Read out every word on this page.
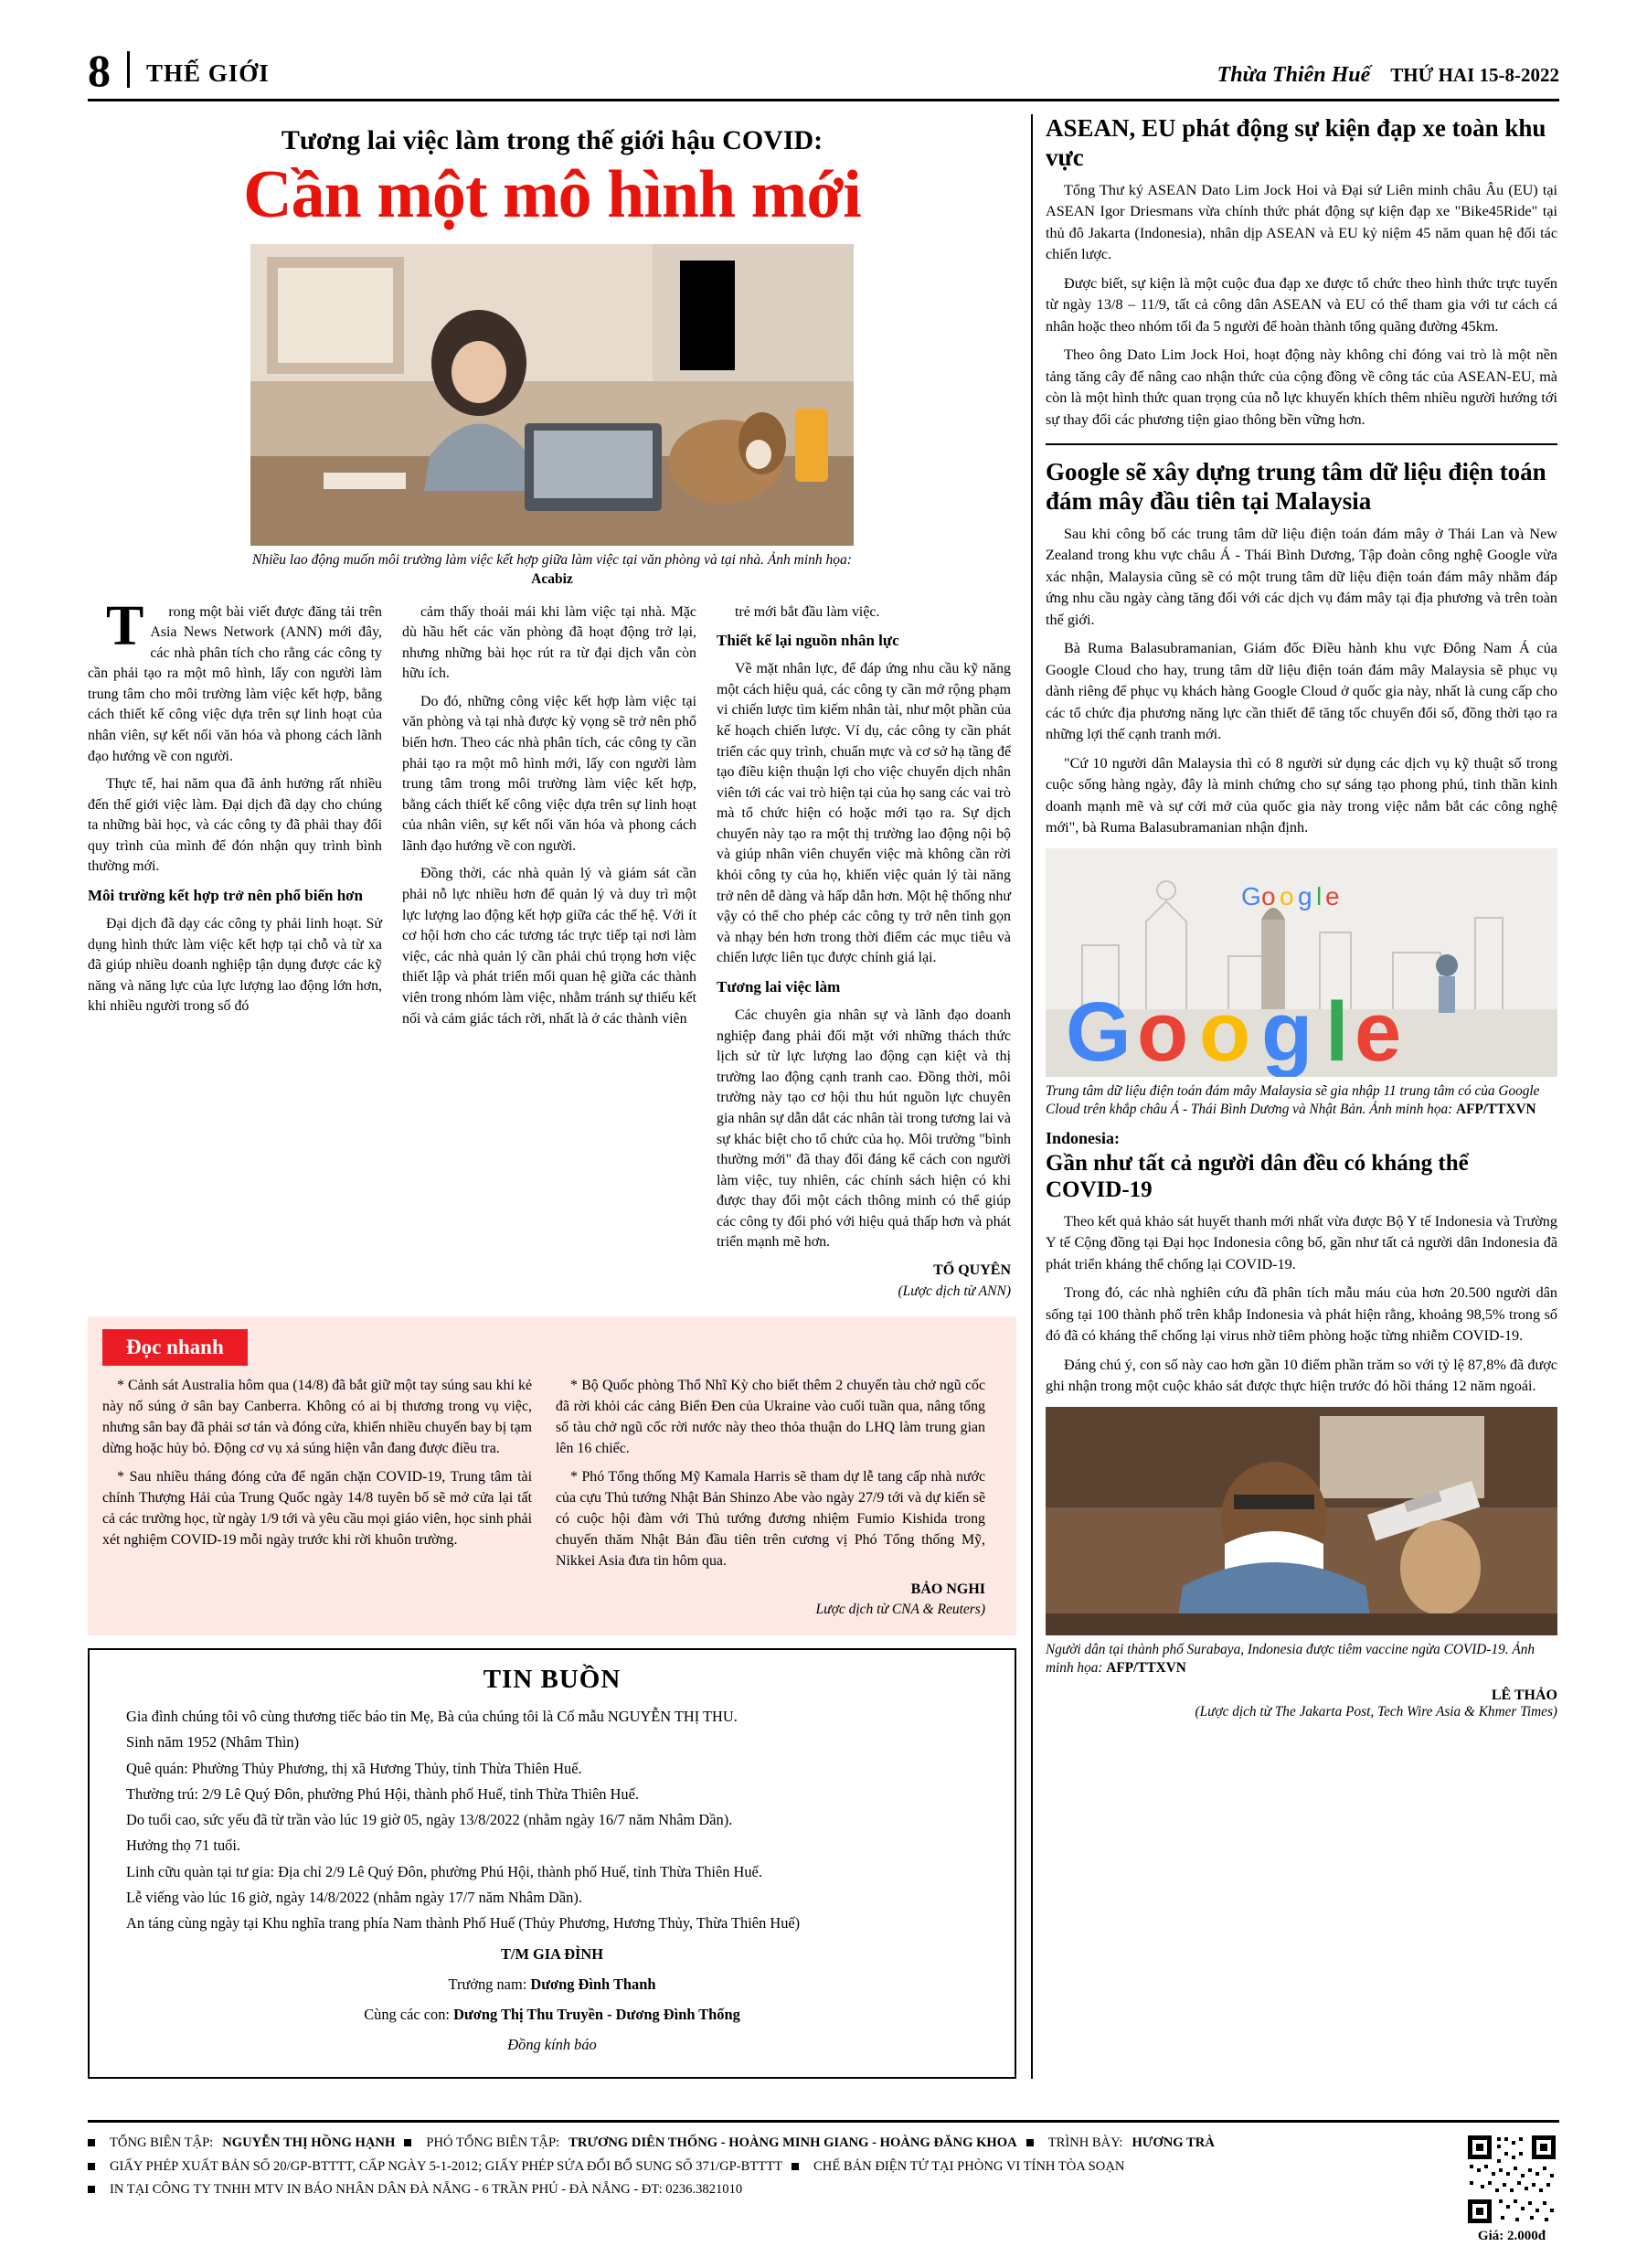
8 THẾ GIỚI	Thừa Thiên Huế THỨ HAI 15-8-2022
Tương lai việc làm trong thế giới hậu COVID:
Cần một mô hình mới
Nhiều lao động muốn môi trường làm việc kết hợp giữa làm việc tại văn phòng và tại nhà. Ảnh minh họa: Acabiz

Trong một bài viết được đăng tải trên Asia News Network (ANN) mới đây, các nhà phân tích cho rằng các công ty cần phải tạo ra một mô hình, lấy con người làm trung tâm cho môi trường làm việc kết hợp, bằng cách thiết kế công việc dựa trên sự linh hoạt của nhân viên, sự kết nối văn hóa và phong cách lãnh đạo hướng về con người.

Thực tế, hai năm qua đã ảnh hưởng rất nhiều đến thế giới việc làm. Đại dịch đã dạy cho chúng ta những bài học, và các công ty đã phải thay đổi quy trình của mình để đón nhận quy trình bình thường mới.

Môi trường kết hợp trở nên phổ biến hơn

Đại dịch đã dạy các công ty phải linh hoạt. Sử dụng hình thức làm việc kết hợp tại chỗ và từ xa đã giúp nhiều doanh nghiệp tận dụng được các kỹ năng và năng lực của lực lượng lao động lớn hơn, khi nhiều người trong số đó

cảm thấy thoải mái khi làm việc tại nhà. Mặc dù hầu hết các văn phòng đã hoạt động trở lại, nhưng những bài học rút ra từ đại dịch vẫn còn hữu ích.

Do đó, những công việc kết hợp làm việc tại văn phòng và tại nhà được kỳ vọng sẽ trở nên phổ biến hơn. Theo các nhà phân tích, các công ty cần phải tạo ra một mô hình mới, lấy con người làm trung tâm trong môi trường làm việc kết hợp, bằng cách thiết kế công việc dựa trên sự linh hoạt của nhân viên, sự kết nối văn hóa và phong cách lãnh đạo hướng về con người.

Đồng thời, các nhà quản lý và giám sát cần phải nỗ lực nhiều hơn để quản lý và duy trì một lực lượng lao động kết hợp giữa các thế hệ. Với ít cơ hội hơn cho các tương tác trực tiếp tại nơi làm việc, các nhà quản lý cần phải chú trọng hơn việc thiết lập và phát triển mối quan hệ giữa các thành viên trong nhóm làm việc, nhằm tránh sự thiếu kết nối và cảm giác tách rời, nhất là ở các thành viên

trẻ mới bắt đầu làm việc.

Thiết kế lại nguồn nhân lực

Về mặt nhân lực, để đáp ứng nhu cầu kỹ năng một cách hiệu quả, các công ty cần mở rộng phạm vi chiến lược tìm kiếm nhân tài, như một phần của kế hoạch chiến lược. Ví dụ, các công ty cần phát triển các quy trình, chuẩn mực và cơ sở hạ tầng để tạo điều kiện thuận lợi cho việc chuyển dịch nhân viên tới các vai trò hiện tại của họ sang các vai trò mà tổ chức hiện có hoặc mới tạo ra. Sự dịch chuyển này tạo ra một thị trường lao động nội bộ và giúp nhân viên chuyển việc mà không cần rời khỏi công ty của họ, khiến việc quản lý tài năng trở nên dễ dàng và hấp dẫn hơn. Một hệ thống như vậy có thể cho phép các công ty trở nên tinh gọn và nhạy bén hơn trong thời điểm các mục tiêu và chiến lược liên tục được chỉnh giá lại.

Tương lai việc làm

Các chuyên gia nhân sự và lãnh đạo doanh nghiệp đang phải đối mặt với những thách thức lịch sử từ lực lượng lao động cạn kiệt và thị trường lao động cạnh tranh cao. Đồng thời, môi trường này tạo cơ hội thu hút nguồn lực chuyên gia nhân sự dẫn dắt các nhân tài trong tương lai và sự khác biệt cho tổ chức của họ. Môi trường "bình thường mới" đã thay đổi đáng kể cách con người làm việc, tuy nhiên, các chính sách hiện có khi được thay đổi một cách thông minh có thể giúp các công ty đổi phó với hiệu quả thấp hơn và phát triển mạnh mẽ hơn.

TỐ QUYÊN
(Lược dịch từ ANN)
Đọc nhanh

* Cảnh sát Australia hôm qua (14/8) đã bắt giữ một tay súng sau khi kẻ này nổ súng ở sân bay Canberra. Không có ai bị thương trong vụ việc, nhưng sân bay đã phải sơ tán và đóng cửa, khiến nhiều chuyến bay bị tạm dừng hoặc hủy bỏ. Động cơ vụ xả súng hiện vẫn đang được điều tra.

* Sau nhiều tháng đóng cửa để ngăn chặn COVID-19, Trung tâm tài chính Thượng Hải của Trung Quốc ngày 14/8 tuyên bố sẽ mở cửa lại tất cả các trường học, từ ngày 1/9 tới và yêu cầu mọi giáo viên, học sinh phải xét nghiệm COVID-19 mỗi ngày trước khi rời khuôn trường.

* Bộ Quốc phòng Thổ Nhĩ Kỳ cho biết thêm 2 chuyến tàu chở ngũ cốc đã rời khỏi các cảng Biển Đen của Ukraine vào cuối tuần qua, nâng tổng số tàu chở ngũ cốc rời nước này theo thỏa thuận do LHQ làm trung gian lên 16 chiếc.

* Phó Tổng thống Mỹ Kamala Harris sẽ tham dự lễ tang cấp nhà nước của cựu Thủ tướng Nhật Bản Shinzo Abe vào ngày 27/9 tới và dự kiến sẽ có cuộc hội đàm với Thủ tướng đương nhiệm Fumio Kishida trong chuyến thăm Nhật Bản đầu tiên trên cương vị Phó Tổng thống Mỹ, Nikkei Asia đưa tin hôm qua.

BẢO NGHI
Lược dịch từ CNA & Reuters)
TIN BUỒN

Gia đình chúng tôi vô cùng thương tiếc báo tin Mẹ, Bà của chúng tôi là Cố mẫu NGUYỄN THỊ THU.

Sinh năm 1952 (Nhâm Thìn)

Quê quán: Phường Thủy Phương, thị xã Hương Thủy, tỉnh Thừa Thiên Huế.

Thường trú: 2/9 Lê Quý Đôn, phường Phú Hội, thành phố Huế, tỉnh Thừa Thiên Huế.

Do tuổi cao, sức yếu đã từ trần vào lúc 19 giờ 05, ngày 13/8/2022 (nhằm ngày 16/7 năm Nhâm Dần).

Hưởng thọ 71 tuổi.

Linh cữu quàn tại tư gia: Địa chỉ 2/9 Lê Quý Đôn, phường Phú Hội, thành phố Huế, tỉnh Thừa Thiên Huế.

Lễ viếng vào lúc 16 giờ, ngày 14/8/2022 (nhằm ngày 17/7 năm Nhâm Dần).

An táng cùng ngày tại Khu nghĩa trang phía Nam thành Phố Huế (Thủy Phương, Hương Thủy, Thừa Thiên Huế)

T/M GIA ĐÌNH

Trưởng nam: Dương Đình Thanh

Cùng các con: Dương Thị Thu Truyền - Dương Đình Thống

Đồng kính báo

ASEAN, EU phát động sự kiện đạp xe toàn khu vực

Tổng Thư ký ASEAN Dato Lim Jock Hoi và Đại sứ Liên minh châu Âu (EU) tại ASEAN Igor Driesmans vừa chính thức phát động sự kiện đạp xe "Bike45Ride" tại thủ đô Jakarta (Indonesia), nhân dịp ASEAN và EU kỷ niệm 45 năm quan hệ đối tác chiến lược.

Được biết, sự kiện là một cuộc đua đạp xe được tổ chức theo hình thức trực tuyến từ ngày 13/8 – 11/9, tất cả công dân ASEAN và EU có thể tham gia với tư cách cá nhân hoặc theo nhóm tối đa 5 người để hoàn thành tổng quãng đường 45km.

Theo ông Dato Lim Jock Hoi, hoạt động này không chỉ đóng vai trò là một nền tảng tăng cây để nâng cao nhận thức của cộng đồng về công tác của ASEAN-EU, mà còn là một hình thức quan trọng của nỗ lực khuyến khích thêm nhiều người hướng tới sự thay đổi các phương tiện giao thông bền vững hơn.

Google sẽ xây dựng trung tâm dữ liệu điện toán đám mây đầu tiên tại Malaysia

Sau khi công bố các trung tâm dữ liệu điện toán đám mây ở Thái Lan và New Zealand trong khu vực châu Á - Thái Bình Dương, Tập đoàn công nghệ Google vừa xác nhận, Malaysia cũng sẽ có một trung tâm dữ liệu điện toán đám mây nhằm đáp ứng nhu cầu ngày càng tăng đối với các dịch vụ đám mây tại địa phương và trên toàn thế giới.

Bà Ruma Balasubramanian, Giám đốc Điều hành khu vực Đông Nam Á của Google Cloud cho hay, trung tâm dữ liệu điện toán đám mây Malaysia sẽ phục vụ dành riêng để phục vụ khách hàng Google Cloud ở quốc gia này, nhất là cung cấp cho các tổ chức địa phương năng lực cần thiết để tăng tốc chuyển đổi số, đồng thời tạo ra những lợi thế cạnh tranh mới.

"Cứ 10 người dân Malaysia thì có 8 người sử dụng các dịch vụ kỹ thuật số trong cuộc sống hàng ngày, đây là minh chứng cho sự sáng tạo phong phú, tinh thần kinh doanh mạnh mẽ và sự cởi mở của quốc gia này trong việc nắm bắt các công nghệ mới", bà Ruma Balasubramanian nhận định.

G o o g l e
G o o g l e
Trung tâm dữ liệu điện toán đám mây Malaysia sẽ gia nhập 11 trung tâm có của Google Cloud trên khắp châu Á - Thái Bình Dương và Nhật Bản. Ảnh minh họa: AFP/TTXVN
Indonesia:
Gần như tất cả người dân đều có kháng thể COVID-19

Theo kết quả khảo sát huyết thanh mới nhất vừa được Bộ Y tế Indonesia và Trường Y tế Cộng đồng tại Đại học Indonesia công bố, gần như tất cả người dân Indonesia đã phát triển kháng thể chống lại COVID-19.

Trong đó, các nhà nghiên cứu đã phân tích mẫu máu của hơn 20.500 người dân sống tại 100 thành phố trên khắp Indonesia và phát hiện rằng, khoảng 98,5% trong số đó đã có kháng thể chống lại virus nhờ tiêm phòng hoặc từng nhiễm COVID-19.

Đáng chú ý, con số này cao hơn gần 10 điểm phần trăm so với tỷ lệ 87,8% đã được ghi nhận trong một cuộc khảo sát được thực hiện trước đó hồi tháng 12 năm ngoái.

Người dân tại thành phố Surabaya, Indonesia được tiêm vaccine ngừa COVID-19. Ảnh minh họa: AFP/TTXVN
LÊ THẢO
(Lược dịch từ The Jakarta Post, Tech Wire Asia & Khmer Times)
TỔNG BIÊN TẬP: NGUYỄN THỊ HỒNG HẠNH PHÓ TỔNG BIÊN TẬP: TRƯƠNG DIÊN THỐNG - HOÀNG MINH GIANG - HOÀNG ĐĂNG KHOA TRÌNH BÀY: HƯƠNG TRÀ
GIẤY PHÉP XUẤT BẢN SỐ 20/GP-BTTTT, CẤP NGÀY 5-1-2012; GIẤY PHÉP SỬA ĐỔI BỔ SUNG SỐ 371/GP-BTTTT CHẾ BẢN ĐIỆN TỬ TẠI PHÒNG VI TÍNH TÒA SOẠN
IN TẠI CÔNG TY TNHH MTV IN BÁO NHÂN DÂN ĐÀ NẴNG - 6 TRẦN PHÚ - ĐÀ NẴNG - ĐT: 0236.3821010
Giá: 2.000đ
